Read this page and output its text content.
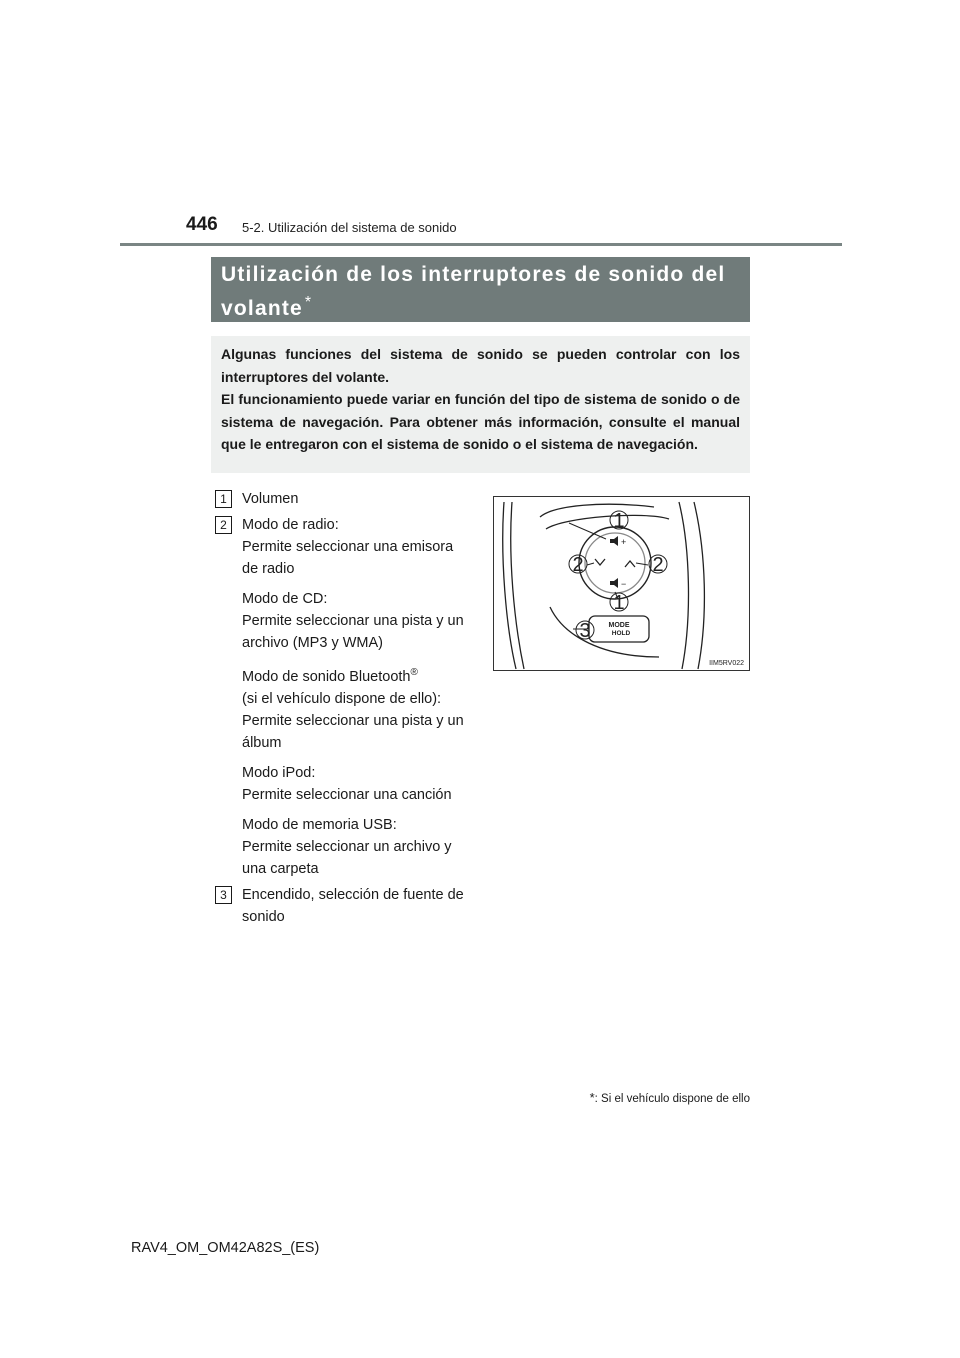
446 5-2. Utilización del sistema de sonido
Utilización de los interruptores de sonido del
volante *

Algunas funciones del sistema de sonido se pueden controlar con los interruptores del volante.

El funcionamiento puede variar en función del tipo de sistema de sonido o de sistema de navegación. Para obtener más información, consulte el manual que le entregaron con el sistema de sonido o el sistema de navegación.

1	Volumen
2	Modo de radio:
Permite seleccionar una emisora
de radio
Modo de CD:
Permite seleccionar una pista y un
archivo (MP3 y WMA)
Modo de sonido Bluetooth®
(si el vehículo dispone de ello):
Permite seleccionar una pista y un
álbum
Modo iPod:
Permite seleccionar una canción
Modo de memoria USB:
Permite seleccionar un archivo y
una carpeta
3	Encendido, selección de fuente de
sonido
+
−
1
2	2
1
3	MODE
HOLD
IIM5RV022
*: Si el vehículo dispone de ello
RAV4_OM_OM42A82S_(ES)
